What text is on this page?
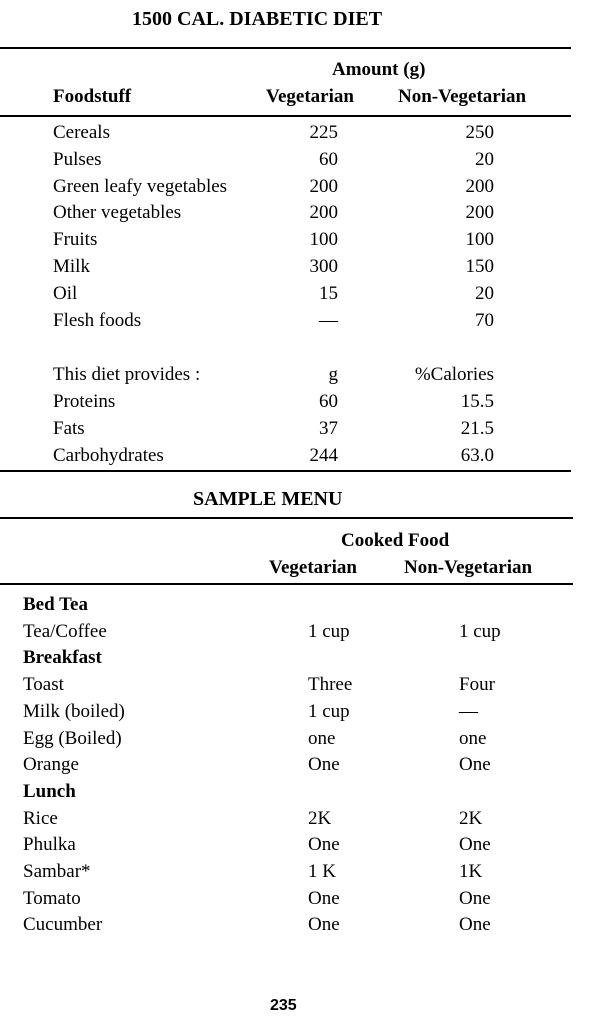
1500 CAL. DIABETIC DIET
Amount (g)
Foodstuff	Vegetarian Non-Vegetarian
Cereals	225	250
Pulses	60	20
Green leafy vegetables	200	200
Other vegetables	200	200
Fruits	100	100
Milk	300	150
Oil	15	20
Flesh foods	—	70
This diet provides :	g	%Calories
Proteins	60	15.5
Fats	37	21.5
Carbohydrates	244	63.0
SAMPLE MENU
Cooked Food
Vegetarian Non-Vegetarian
Bed Tea
Tea/Coffee	1 cup	1 cup
Breakfast
Toast	Three	Four
Milk (boiled)	1 cup	—
Egg (Boiled)	one	one
Orange	One	One
Lunch
Rice	2K	2K
Phulka	One	One
Sambar*	1 K	1K
Tomato	One	One
Cucumber	One	One
235
